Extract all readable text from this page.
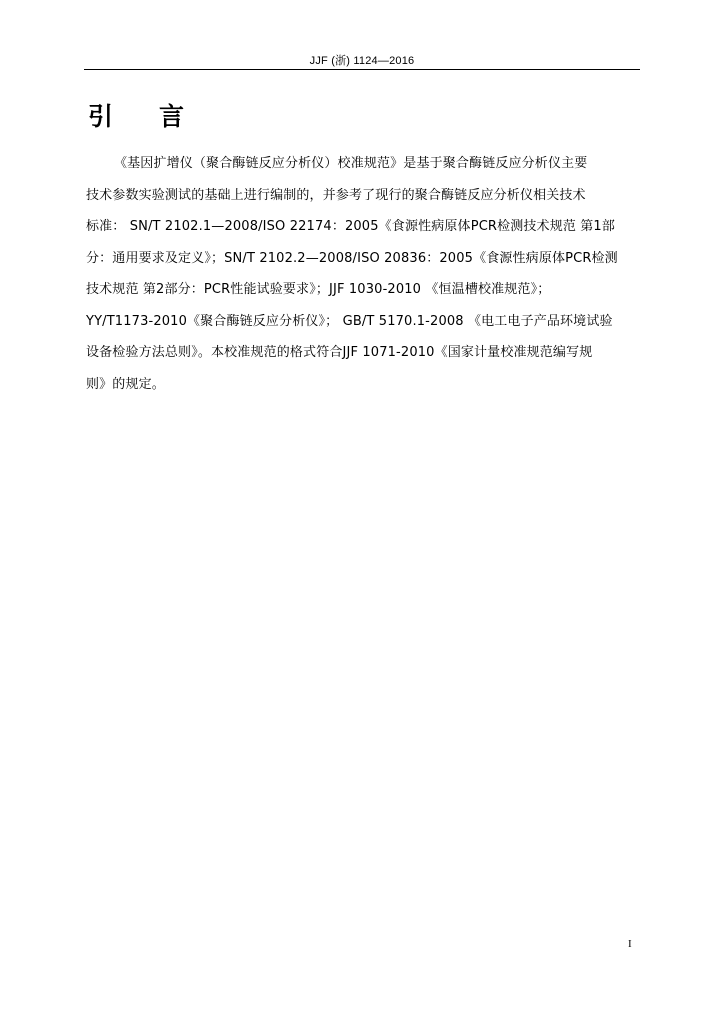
JJF (浙) 1124—2016
引 言
《基因扩增仪（聚合酶链反应分析仪）校准规范》是基于聚合酶链反应分析仪主要
技术参数实验测试的基础上进行编制的，并参考了现行的聚合酶链反应分析仪相关技术
标准： SN/T 2102.1—2008/ISO 22174：2005《食源性病原体PCR检测技术规范 第1部
分：通用要求及定义》；SN/T 2102.2—2008/ISO 20836：2005《食源性病原体PCR检测
技术规范 第2部分：PCR性能试验要求》；JJF 1030-2010 《恒温槽校准规范》；
YY/T1173-2010《聚合酶链反应分析仪》； GB/T 5170.1-2008 《电工电子产品环境试验
设备检验方法总则》。本校准规范的格式符合JJF 1071-2010《国家计量校准规范编写规
则》的规定。
I
